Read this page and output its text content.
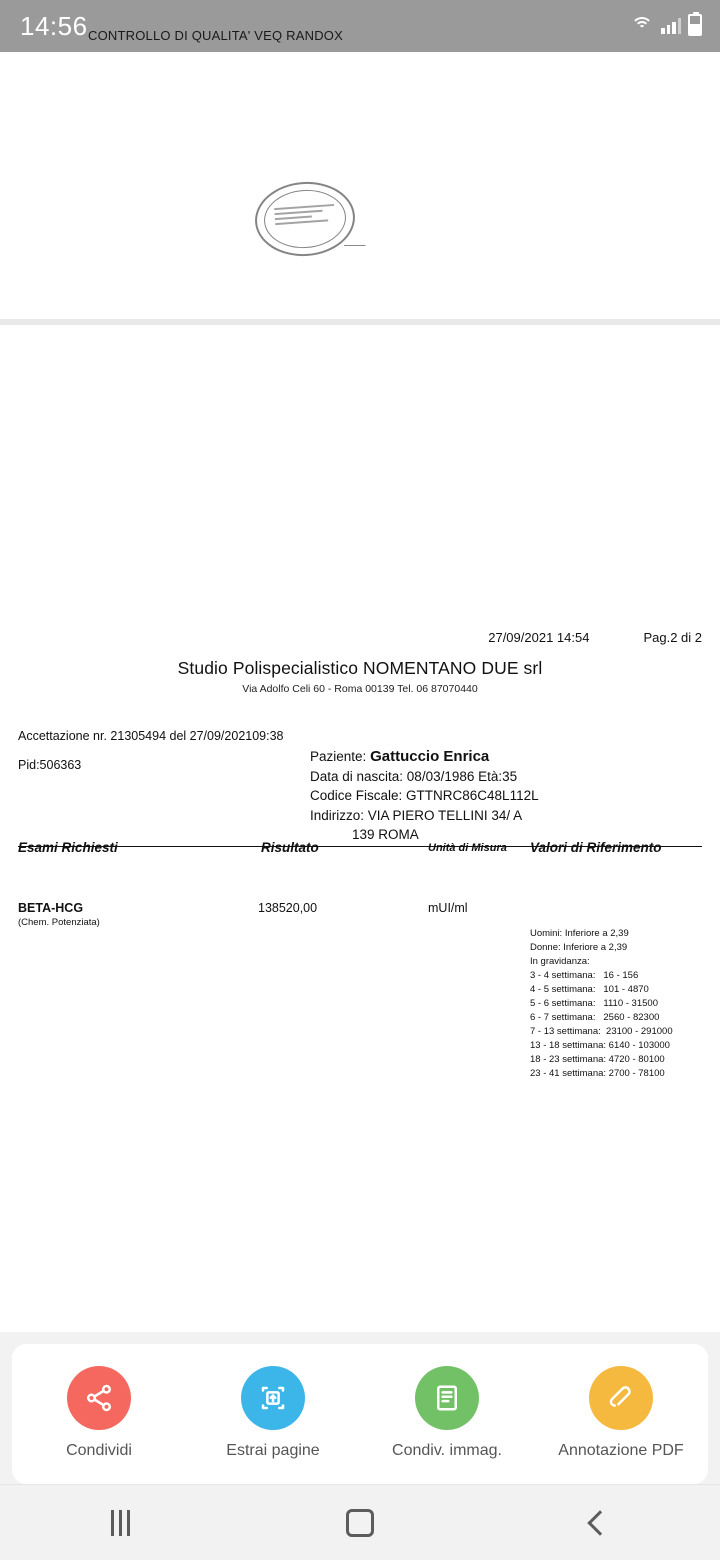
14:56 CONTROLLO DI QUALITA' VEQ RANDOX
27/09/2021 14:54	Pag.2 di 2
Studio Polispecialistico NOMENTANO DUE srl
Via Adolfo Celi 60 - Roma 00139 Tel. 06 87070440
Accettazione nr. 21305494 del 27/09/202109:38
Pid:506363
Paziente: Gattuccio Enrica
Data di nascita: 08/03/1986 Età:35
Codice Fiscale: GTTNRC86C48L112L
Indirizzo: VIA PIERO TELLINI 34/ A
139 ROMA
Esami Richiesti	Risultato	Unità di Misura Valori di Riferimento
BETA-HCG
(Chem. Potenziata)
138520,00	mUI/ml
Uomini: Inferiore a 2,39
Donne: Inferiore a 2,39
In gravidanza:
3 - 4 settimana:   16 - 156
4 - 5 settimana:   101 - 4870
5 - 6 settimana:   1110 - 31500
6 - 7 settimana:   2560 - 82300
7 - 13 settimana:  23100 - 291000
13 - 18 settimana: 6140 - 103000
18 - 23 settimana: 4720 - 80100
23 - 41 settimana: 2700 - 78100
Condividi	Estrai pagine	Condiv. immag.	Annotazione PDF
